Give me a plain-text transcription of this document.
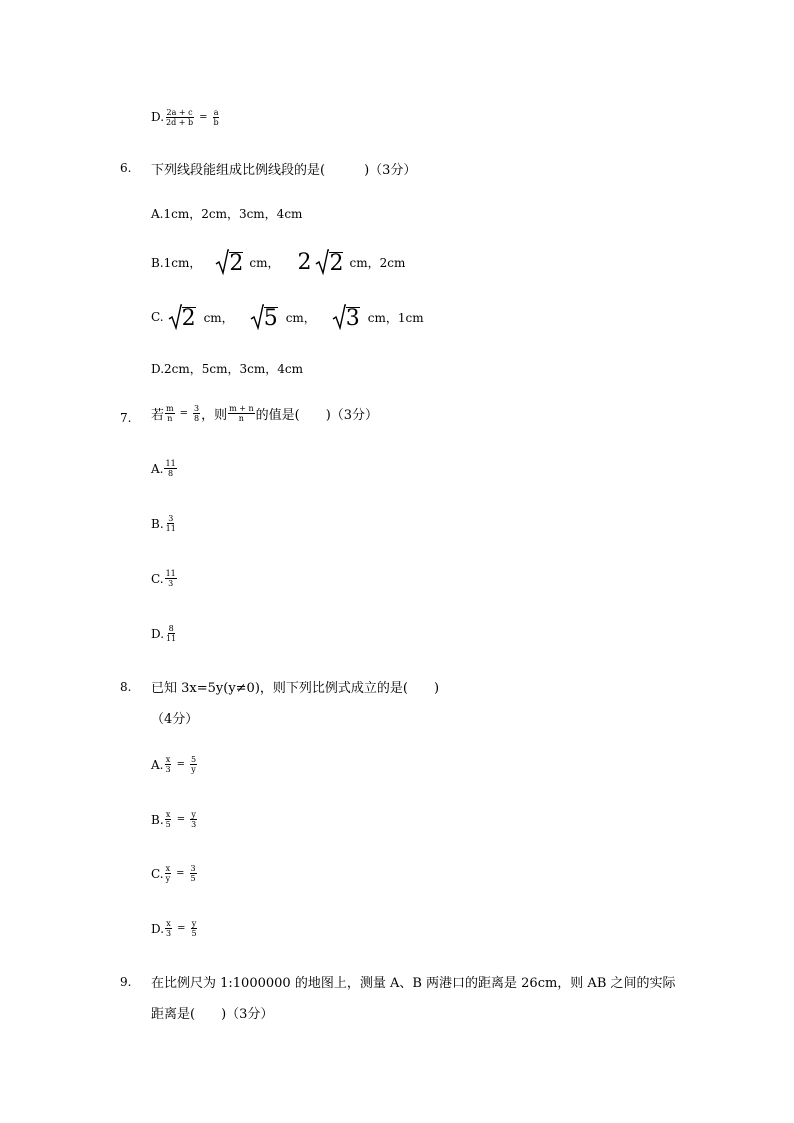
D. $\frac{2a + c}{2d + b} = \frac{a}{b}$
6. 下列线段能组成比例线段的是(　　　)（3分）
A.1cm，2cm，3cm，4cm
B.1cm， 2 cm， 2 2 cm，2cm
C. 2 cm， 5 cm， 3 cm，1cm
D.2cm，5cm，3cm，4cm
7. 若 $\frac{m}{n} = \frac{3}{8}$ ，则 $\frac{m + n}{n}$ 的值是(　　)（3分）
A. $\frac{11}{8}$
B. $\frac{3}{11}$
C. $\frac{11}{3}$
D. $\frac{8}{11}$
8. 已知 3x=5y(y≠0)，则下列比例式成立的是(　　)
（4分）
A. $\frac{x}{3} = \frac{5}{y}$
B. $\frac{x}{5} = \frac{y}{3}$
C. $\frac{x}{y} = \frac{3}{5}$
D. $\frac{x}{3} = \frac{y}{5}$
9. 在比例尺为 1:1000000 的地图上，测量 A、B 两港口的距离是 26cm，则 AB 之间的实际
距离是(　　)（3分）
